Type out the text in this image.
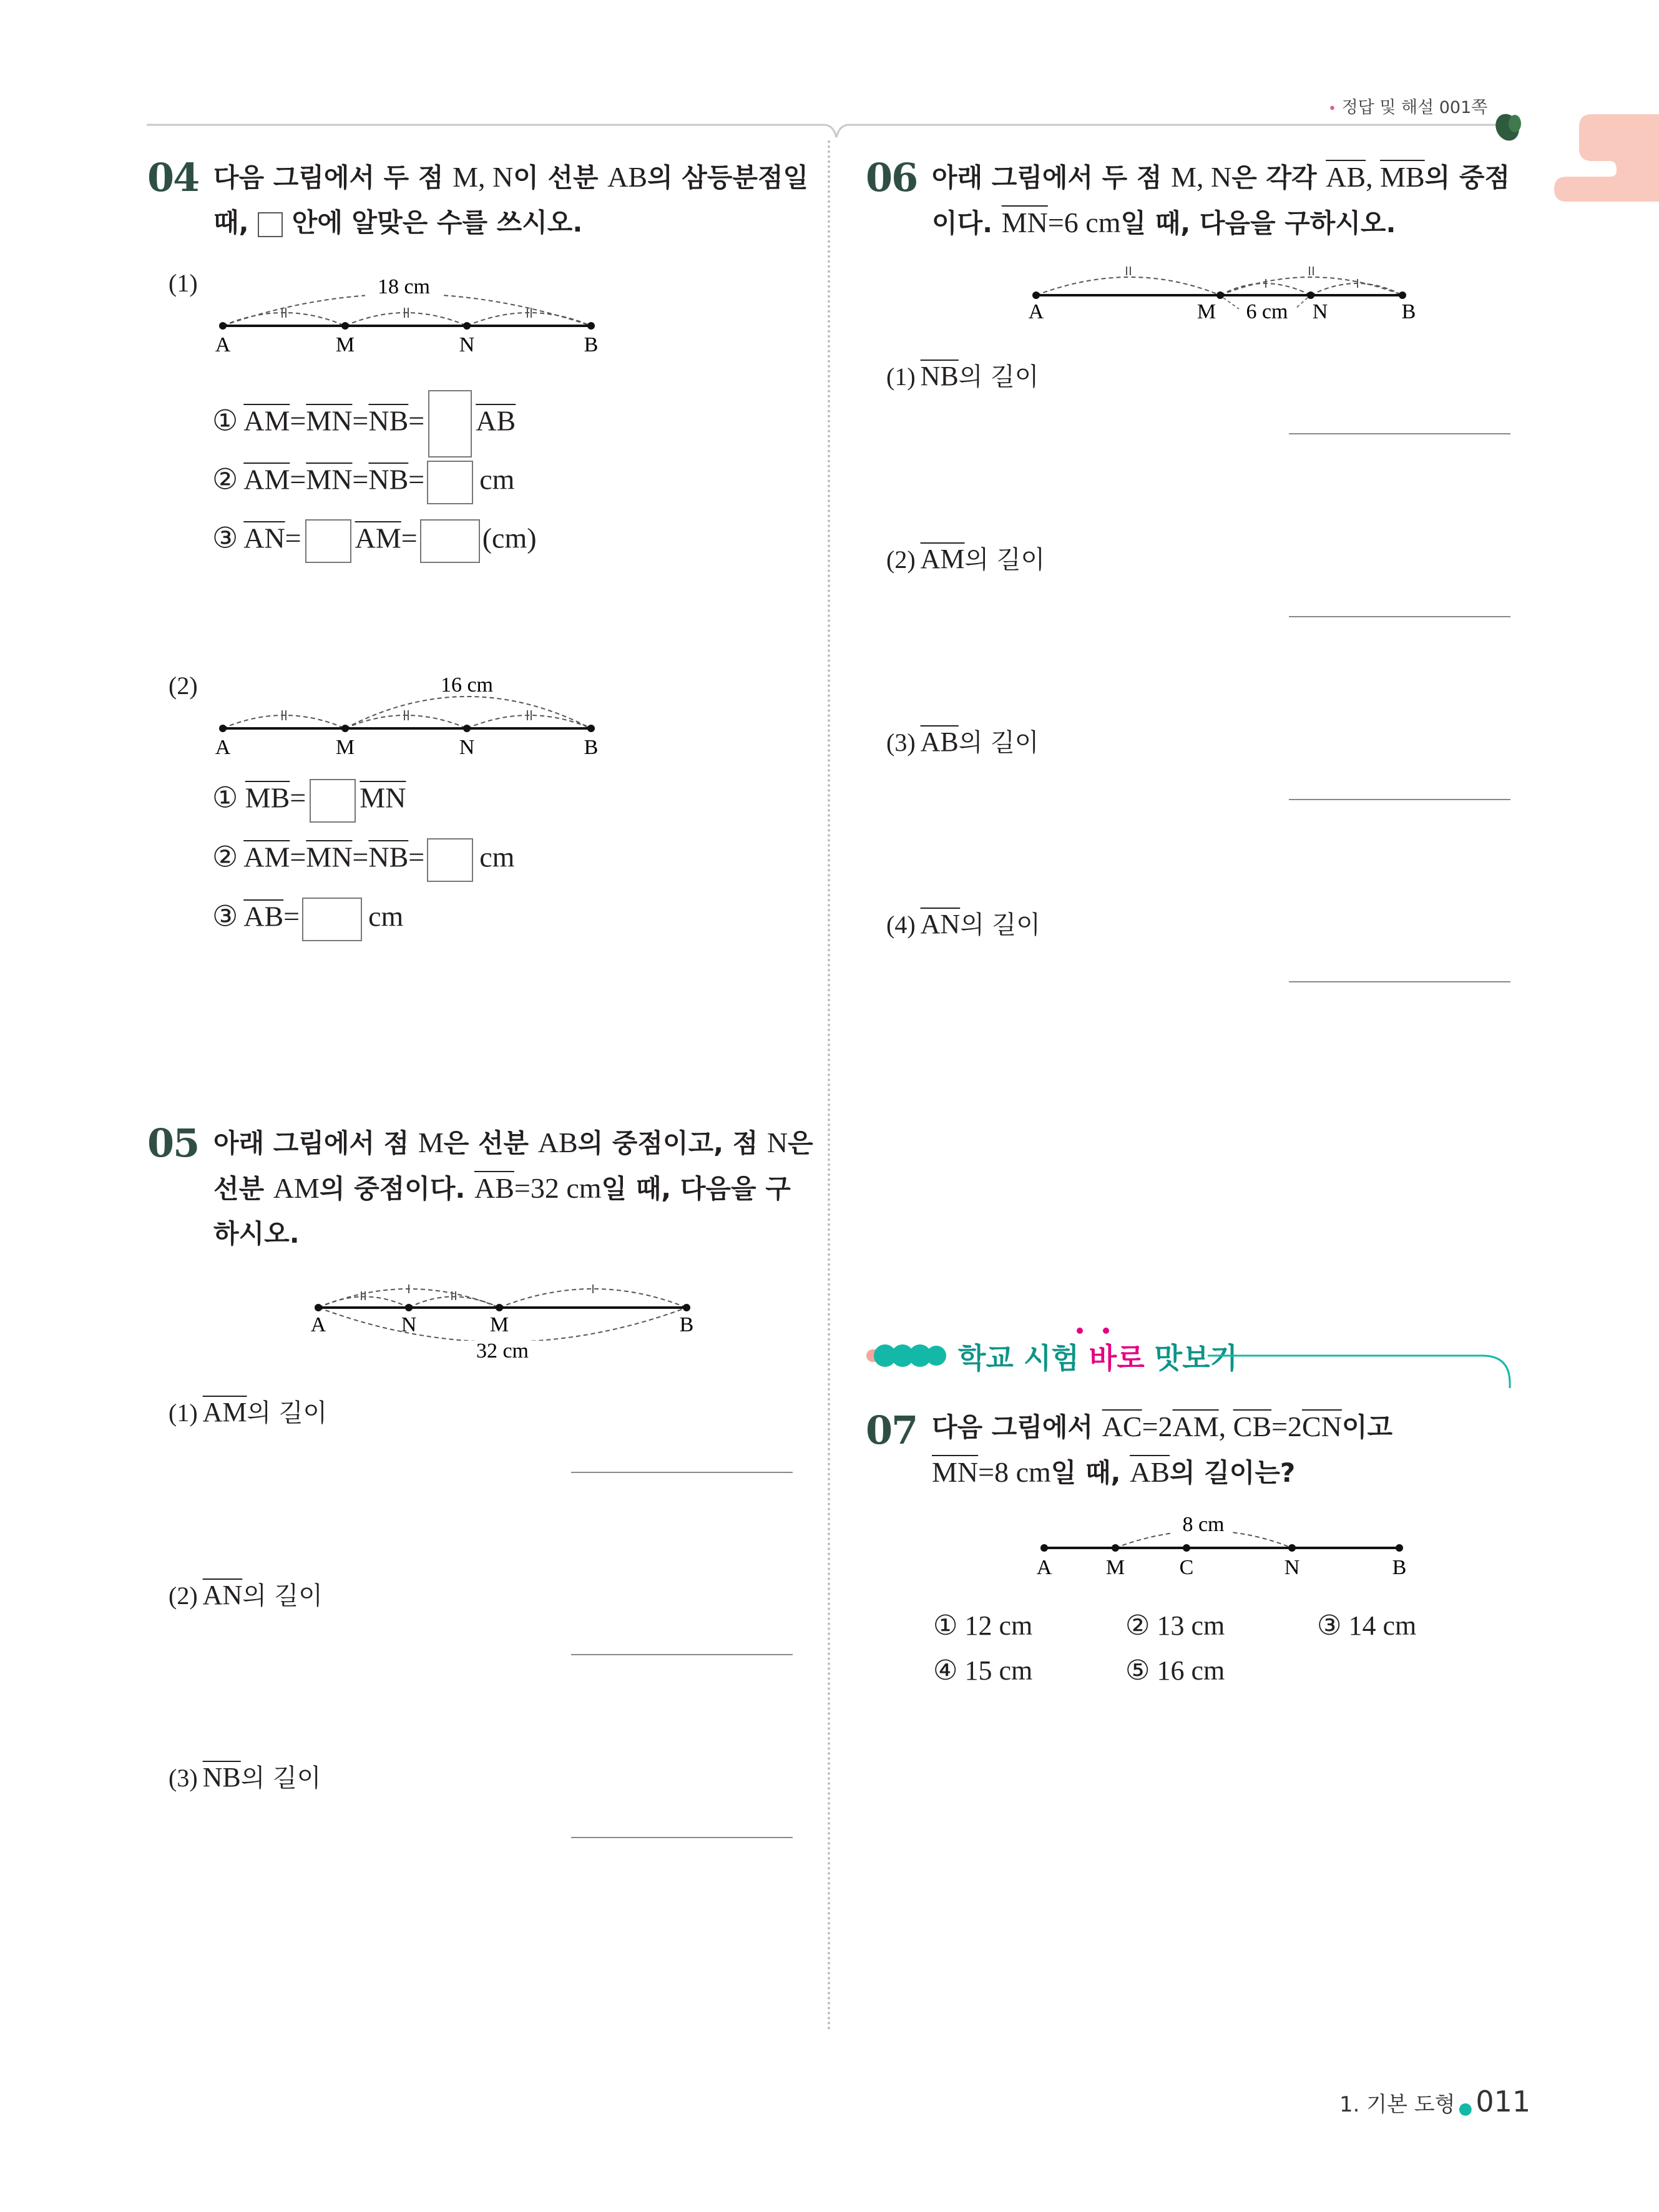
• 정답 및 해설 001쪽
04 다음 그림에서 두 점 M, N이 선분 AB의 삼등분점일
때,  안에 알맞은 수를 쓰시오.
(1)	18 cm
A	M	N	B
① $\overline{AM}=\overline{MN}=\overline{NB}= \overline{AB}$
② $\overline{AM}=\overline{MN}=\overline{NB}=$ cm
③ $\overline{AN}= \overline{AM}= (cm)$
(2)	16 cm
A	M	N	B
① $\overline{MB}= \overline{MN}$
② $\overline{AM}=\overline{MN}=\overline{NB}=$ cm
③ $\overline{AB}=$ cm
05 아래 그림에서 점 M은 선분 AB의 중점이고, 점 N은
선분 AM의 중점이다. $\overline{AB}=32$ cm일 때, 다음을 구
하시오.
A	N	M	B
32 cm
(1) $\overline{AM}$의 길이
(2) $\overline{AN}$의 길이
(3) $\overline{NB}$의 길이
06 아래 그림에서 두 점 M, N은 각각 $\overline{AB}$, $\overline{MB}$의 중점
이다. $\overline{MN}=6$ cm일 때, 다음을 구하시오.
A	M 6 cm N	B
(1) $\overline{NB}$의 길이
(2) $\overline{AM}$의 길이
(3) $\overline{AB}$의 길이
(4) $\overline{AN}$의 길이
학교 시험 바로 맛보기
07 다음 그림에서 $\overline{AC}=2\overline{AM}$, $\overline{CB}=2\overline{CN}$이고
$\overline{MN}=8$ cm일 때, $\overline{AB}$의 길이는?
8 cm
A	M	C	N	B
① 12 cm	② 13 cm	③ 14 cm
④ 15 cm	⑤ 16 cm
1. 기본 도형 ● 011
